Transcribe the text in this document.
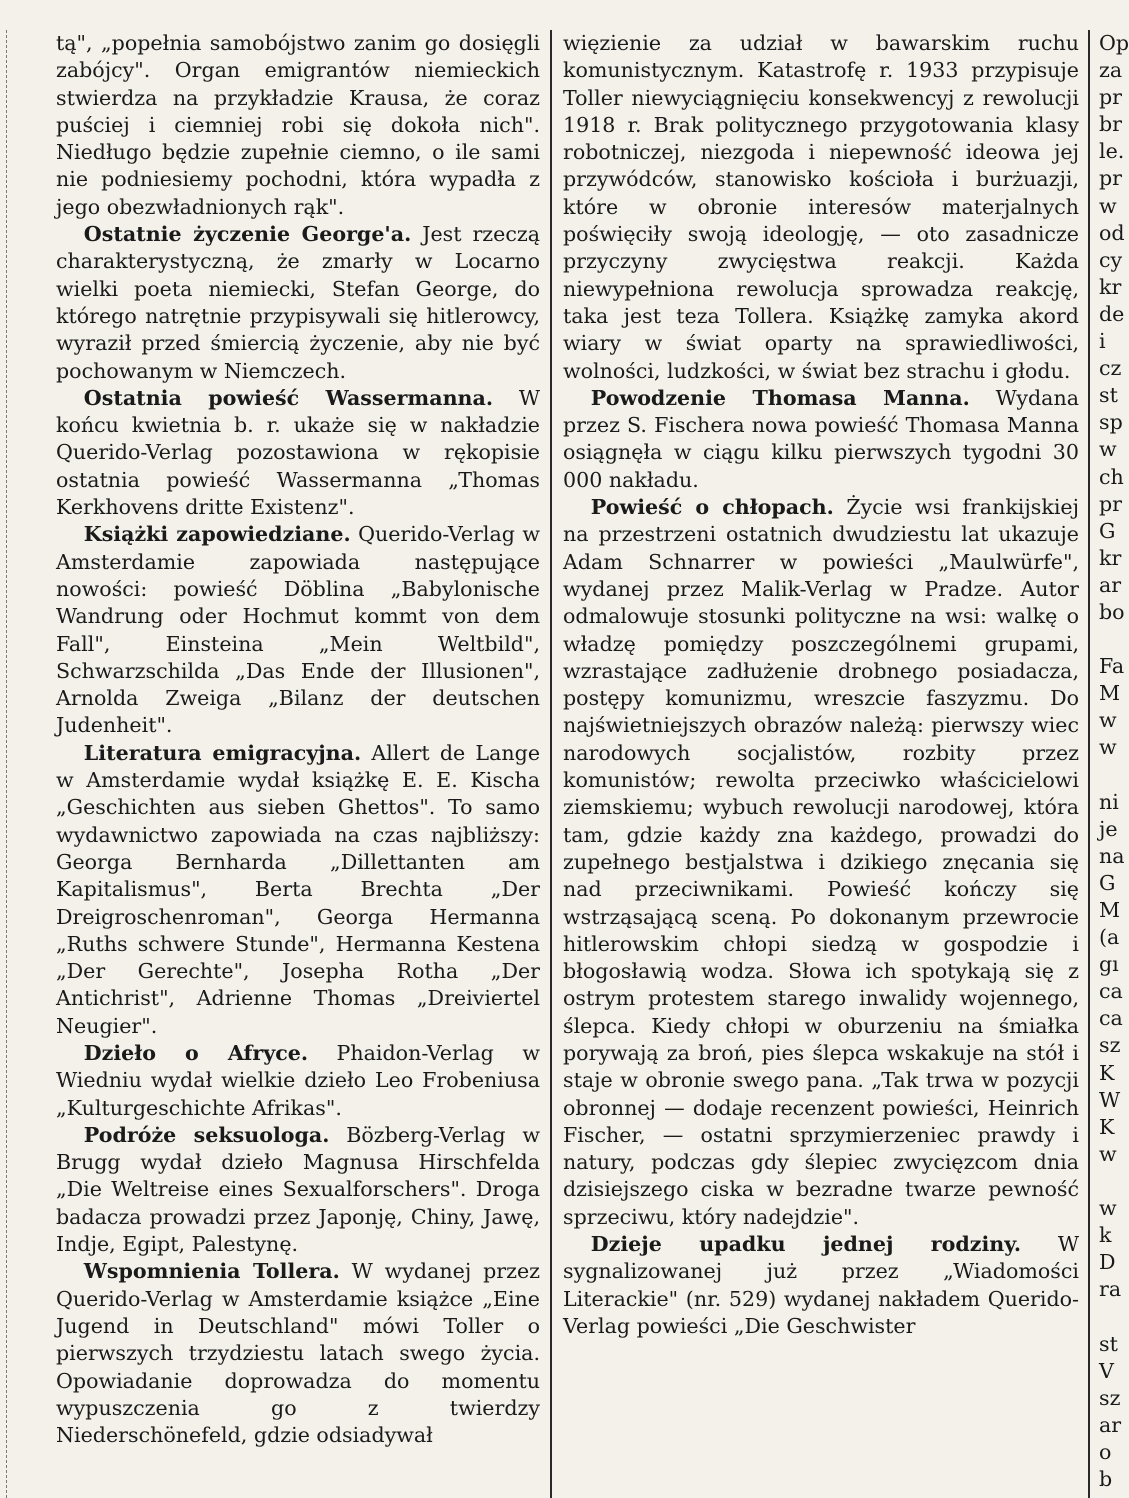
tą", „popełnia samobójstwo zanim go dosięgli zabójcy". Organ emigrantów niemieckich stwierdza na przykładzie Krausa, że coraz puściej i ciemniej robi się dokoła nich". Niedługo będzie zupełnie ciemno, o ile sami nie podniesiemy pochodni, która wypadła z jego obezwładnionych rąk".

Ostatnie życzenie George'a. Jest rzeczą charakterystyczną, że zmarły w Locarno wielki poeta niemiecki, Stefan George, do którego natrętnie przypisywali się hitlerowcy, wyraził przed śmiercią życzenie, aby nie być pochowanym w Niemczech.

Ostatnia powieść Wassermanna. W końcu kwietnia b. r. ukaże się w nakładzie Querido-Verlag pozostawiona w rękopisie ostatnia powieść Wassermanna „Thomas Kerkhovens dritte Existenz".

Książki zapowiedziane. Querido-Verlag w Amsterdamie zapowiada następujące nowości: powieść Döblina „Babylonische Wandrung oder Hochmut kommt von dem Fall", Einsteina „Mein Weltbild", Schwarzschilda „Das Ende der Illusionen", Arnolda Zweiga „Bilanz der deutschen Judenheit".

Literatura emigracyjna. Allert de Lange w Amsterdamie wydał książkę E. E. Kischa „Geschichten aus sieben Ghettos". To samo wydawnictwo zapowiada na czas najbliższy: Georga Bernharda „Dillettanten am Kapitalismus", Berta Brechta „Der Dreigroschenroman", Georga Hermanna „Ruths schwere Stunde", Hermanna Kestena „Der Gerechte", Josepha Rotha „Der Antichrist", Adrienne Thomas „Dreiviertel Neugier".

Dzieło o Afryce. Phaidon-Verlag w Wiedniu wydał wielkie dzieło Leo Frobeniusa „Kulturgeschichte Afrikas".

Podróże seksuologa. Bözberg-Verlag w Brugg wydał dzieło Magnusa Hirschfelda „Die Weltreise eines Sexualforschers". Droga badacza prowadzi przez Japonję, Chiny, Jawę, Indje, Egipt, Palestynę.

Wspomnienia Tollera. W wydanej przez Querido-Verlag w Amsterdamie książce „Eine Jugend in Deutschland" mówi Toller o pierwszych trzydziestu latach swego życia. Opowiadanie doprowadza do momentu wypuszczenia go z twierdzy Niederschönefeld, gdzie odsiadywał

więzienie za udział w bawarskim ruchu komunistycznym. Katastrofę r. 1933 przypisuje Toller niewyciągnięciu konsekwencyj z rewolucji 1918 r. Brak politycznego przygotowania klasy robotniczej, niezgoda i niepewność ideowa jej przywódców, stanowisko kościoła i burżuazji, które w obronie interesów materjalnych poświęciły swoją ideologję, — oto zasadnicze przyczyny zwycięstwa reakcji. Każda niewypełniona rewolucja sprowadza reakcję, taka jest teza Tollera. Książkę zamyka akord wiary w świat oparty na sprawiedliwości, wolności, ludzkości, w świat bez strachu i głodu.

Powodzenie Thomasa Manna. Wydana przez S. Fischera nowa powieść Thomasa Manna osiągnęła w ciągu kilku pierwszych tygodni 30 000 nakładu.

Powieść o chłopach. Życie wsi frankijskiej na przestrzeni ostatnich dwudziestu lat ukazuje Adam Schnarrer w powieści „Maulwürfe", wydanej przez Malik-Verlag w Pradze. Autor odmalowuje stosunki polityczne na wsi: walkę o władzę pomiędzy poszczególnemi grupami, wzrastające zadłużenie drobnego posiadacza, postępy komunizmu, wreszcie faszyzmu. Do najświetniejszych obrazów należą: pierwszy wiec narodowych socjalistów, rozbity przez komunistów; rewolta przeciwko właścicielowi ziemskiemu; wybuch rewolucji narodowej, która tam, gdzie każdy zna każdego, prowadzi do zupełnego bestjalstwa i dzikiego znęcania się nad przeciwnikami. Powieść kończy się wstrząsającą sceną. Po dokonanym przewrocie hitlerowskim chłopi siedzą w gospodzie i błogosławią wodza. Słowa ich spotykają się z ostrym protestem starego inwalidy wojennego, ślepca. Kiedy chłopi w oburzeniu na śmiałka porywają za broń, pies ślepca wskakuje na stół i staje w obronie swego pana. „Tak trwa w pozycji obronnej — dodaje recenzent powieści, Heinrich Fischer, — ostatni sprzymierzeniec prawdy i natury, podczas gdy ślepiec zwycięzcom dnia dzisiejszego ciska w bezradne twarze pewność sprzeciwu, który nadejdzie".

Dzieje upadku jednej rodziny. W sygnalizowanej już przez „Wiadomości Literackie" (nr. 529) wydanej nakładem Querido-Verlag powieści „Die Geschwister

Op
za
pr
br
le.
pr
w
od
cy
kr
de
i
cz
st
sp
w
ch
pr
G
kr
ar
bo

Fa
M
w
w

ni
je
na
G
M
(a
gı
ca
ca
sz
K
W
K
w

w
k
D
ra

st
V
sz
ar
o
b
